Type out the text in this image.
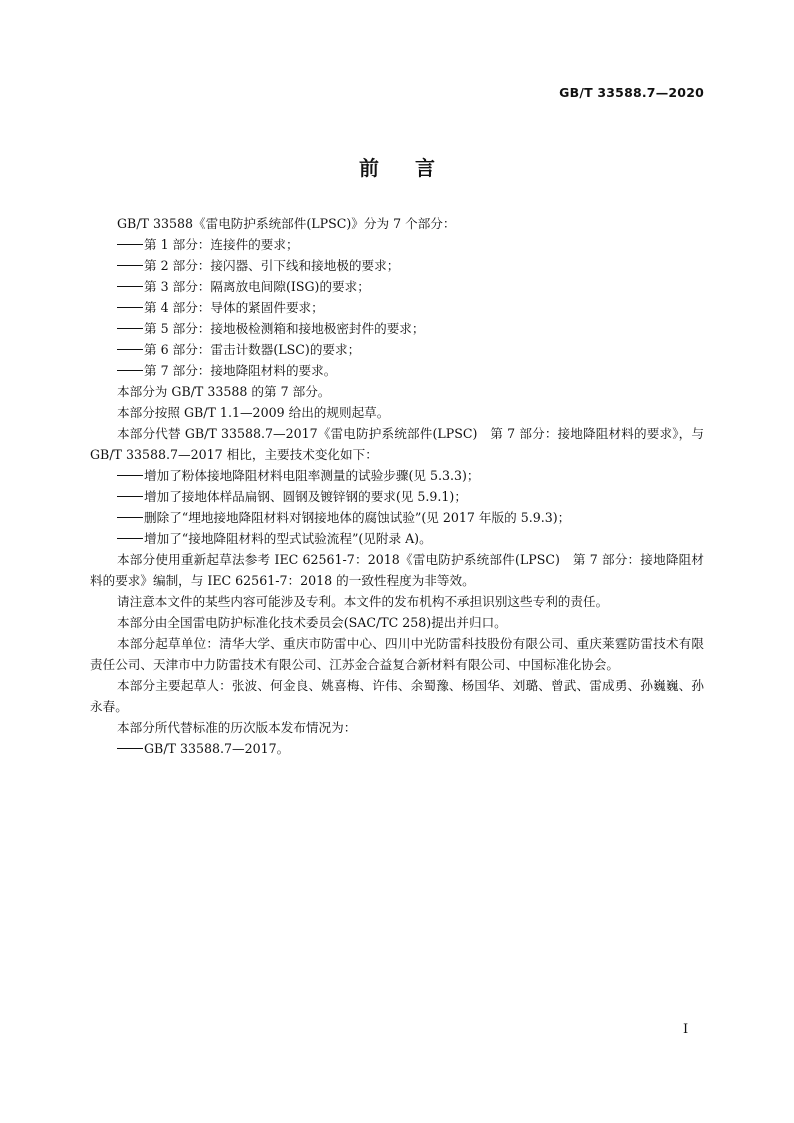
GB/T 33588.7—2020
前言

GB/T 33588《雷电防护系统部件(LPSC)》分为 7 个部分：

第 1 部分：连接件的要求；

第 2 部分：接闪器、引下线和接地极的要求；

第 3 部分：隔离放电间隙(ISG)的要求；

第 4 部分：导体的紧固件要求；

第 5 部分：接地极检测箱和接地极密封件的要求；

第 6 部分：雷击计数器(LSC)的要求；

第 7 部分：接地降阻材料的要求。

本部分为 GB/T 33588 的第 7 部分。

本部分按照 GB/T 1.1—2009 给出的规则起草。

本部分代替 GB/T 33588.7—2017《雷电防护系统部件(LPSC)　第 7 部分：接地降阻材料的要求》，与 GB/T 33588.7—2017 相比，主要技术变化如下：

增加了粉体接地降阻材料电阻率测量的试验步骤(见 5.3.3)；

增加了接地体样品扁钢、圆钢及镀锌钢的要求(见 5.9.1)；

删除了“埋地接地降阻材料对钢接地体的腐蚀试验”(见 2017 年版的 5.9.3)；

增加了“接地降阻材料的型式试验流程”(见附录 A)。

本部分使用重新起草法参考 IEC 62561-7：2018《雷电防护系统部件(LPSC)　第 7 部分：接地降阻材料的要求》编制，与 IEC 62561-7：2018 的一致性程度为非等效。

请注意本文件的某些内容可能涉及专利。本文件的发布机构不承担识别这些专利的责任。

本部分由全国雷电防护标准化技术委员会(SAC/TC 258)提出并归口。

本部分起草单位：清华大学、重庆市防雷中心、四川中光防雷科技股份有限公司、重庆莱霆防雷技术有限责任公司、天津市中力防雷技术有限公司、江苏金合益复合新材料有限公司、中国标准化协会。

本部分主要起草人：张波、何金良、姚喜梅、许伟、余蜀豫、杨国华、刘璐、曾武、雷成勇、孙巍巍、孙永春。

本部分所代替标准的历次版本发布情况为：

GB/T 33588.7—2017。

I
